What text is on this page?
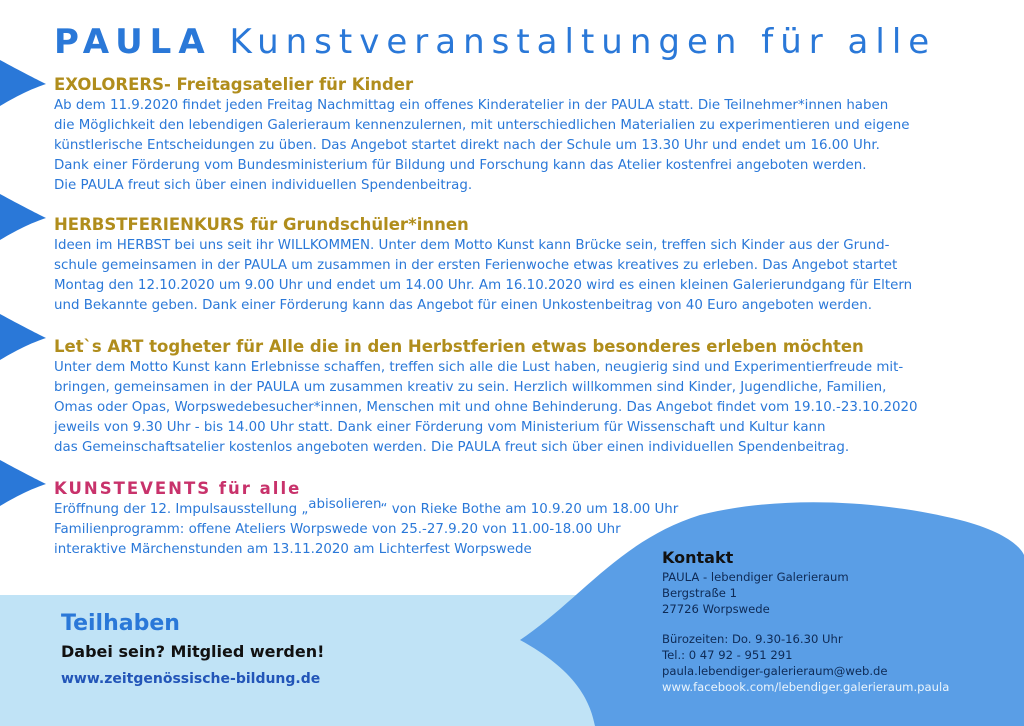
PAULA Kunstveranstaltungen für alle
EXOLORERS- Freitagsatelier für Kinder
Ab dem 11.9.2020 findet jeden Freitag Nachmittag ein offenes Kinderatelier in der PAULA statt. Die Teilnehmer*innen haben
die Möglichkeit den lebendigen Galerieraum kennenzulernen, mit unterschiedlichen Materialien zu experimentieren und eigene
künstlerische Entscheidungen zu üben. Das Angebot startet direkt nach der Schule um 13.30 Uhr und endet um 16.00 Uhr.
Dank einer Förderung vom Bundesministerium für Bildung und Forschung kann das Atelier kostenfrei angeboten werden.
Die PAULA freut sich über einen individuellen Spendenbeitrag.
HERBSTFERIENKURS für Grundschüler*innen
Ideen im HERBST bei uns seit ihr WILLKOMMEN. Unter dem Motto Kunst kann Brücke sein, treffen sich Kinder aus der Grund-
schule gemeinsamen in der PAULA um zusammen in der ersten Ferienwoche etwas kreatives zu erleben. Das Angebot startet
Montag den 12.10.2020 um 9.00 Uhr und endet um 14.00 Uhr. Am 16.10.2020 wird es einen kleinen Galerierundgang für Eltern
und Bekannte geben. Dank einer Förderung kann das Angebot für einen Unkostenbeitrag von 40 Euro angeboten werden.
Let`s ART togheter für Alle die in den Herbstferien etwas besonderes erleben möchten
Unter dem Motto Kunst kann Erlebnisse schaffen, treffen sich alle die Lust haben, neugierig sind und Experimentierfreude mit-
bringen, gemeinsamen in der PAULA um zusammen kreativ zu sein. Herzlich willkommen sind Kinder, Jugendliche, Familien,
Omas oder Opas, Worpswedebesucher*innen, Menschen mit und ohne Behinderung. Das Angebot findet vom 19.10.-23.10.2020
jeweils von 9.30 Uhr - bis 14.00 Uhr statt. Dank einer Förderung vom Ministerium für Wissenschaft und Kultur kann
das Gemeinschaftsatelier kostenlos angeboten werden. Die PAULA freut sich über einen individuellen Spendenbeitrag.
KUNSTEVENTS für alle
Eröffnung der 12. Impulsausstellung „abisolieren“ von Rieke Bothe am 10.9.20 um 18.00 Uhr
Familienprogramm: offene Ateliers Worpswede von 25.-27.9.20 von 11.00-18.00 Uhr
interaktive Märchenstunden am 13.11.2020 am Lichterfest Worpswede
Teilhaben
Dabei sein? Mitglied werden!
www.zeitgenössische-bildung.de
Kontakt
PAULA - lebendiger Galerieraum
Bergstraße 1
27726 Worpswede
Bürozeiten: Do. 9.30-16.30 Uhr
Tel.: 0 47 92 - 951 291
paula.lebendiger-galerieraum@web.de
www.facebook.com/lebendiger.galerieraum.paula
